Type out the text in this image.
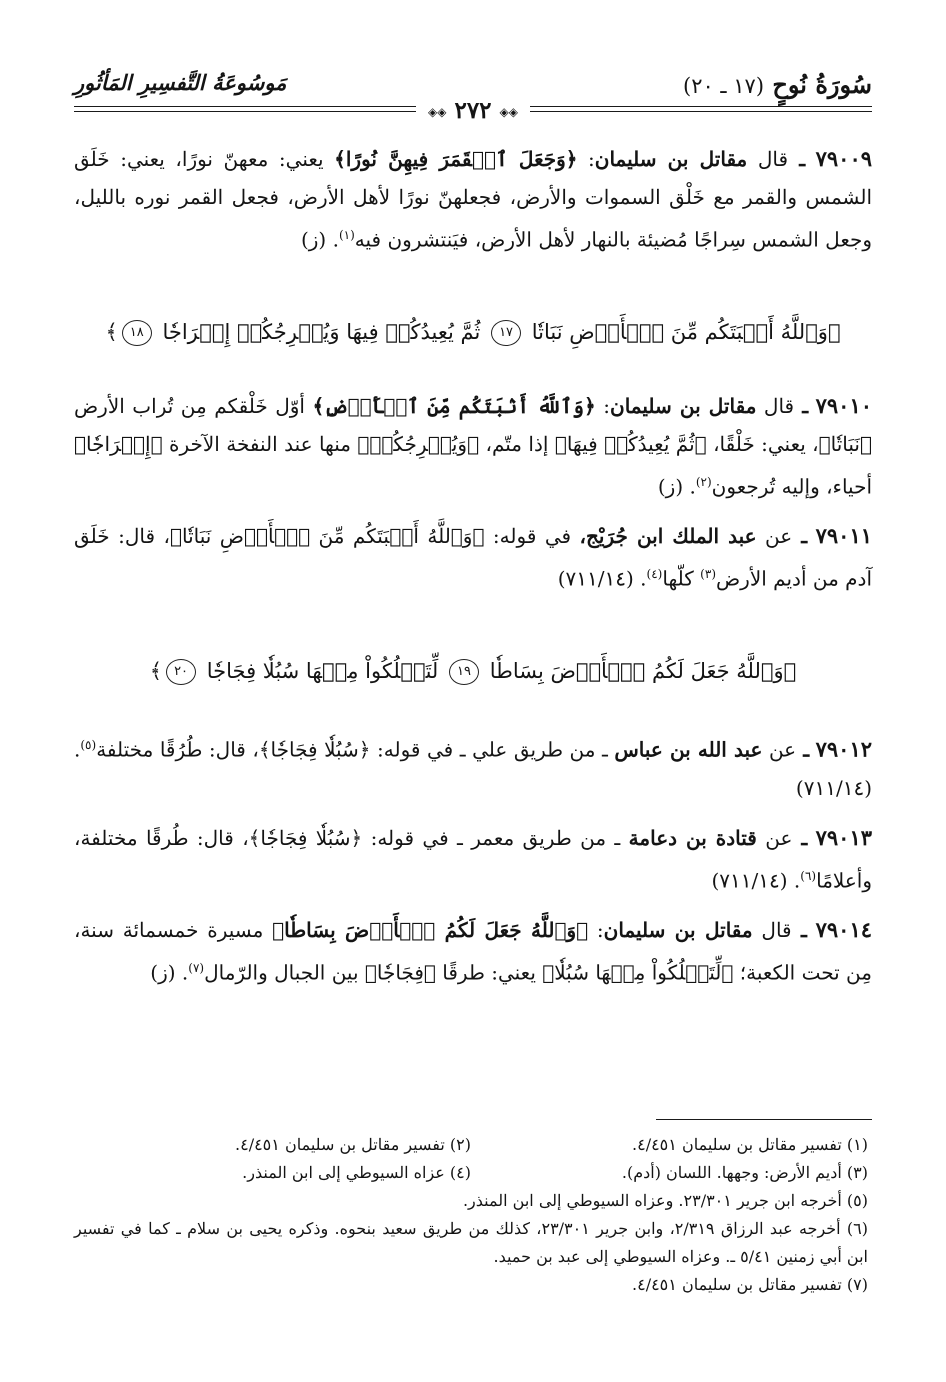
مَوسُوعَةُ التَّفسِيرِ المَأثُورِ	سُورَةُ نُوحٍ (١٧ ـ ٢٠)
◈◈ ٢٧٢ ◈◈

٧٩٠٠٩ ـ قال مقاتل بن سليمان: ﴿وَجَعَلَ ٱلۡقَمَرَ فِيهِنَّ نُورًا﴾ يعني: معهنّ نورًا، يعني: خَلَق الشمس والقمر مع خَلْق السموات والأرض، فجعلهنّ نورًا لأهل الأرض، فجعل القمر نوره بالليل، وجعل الشمس سِراجًا مُضيئة بالنهار لأهل الأرض، فيَنتشرون فيه$^{(١)}$. (ز)

﴿وَٱللَّهُ أَنۢبَتَكُم مِّنَ ٱلۡأَرۡضِ نَبَاتٗا ١٧ ثُمَّ يُعِيدُكُمۡ فِيهَا وَيُخۡرِجُكُمۡ إِخۡرَاجٗا ١٨﴾

٧٩٠١٠ ـ قال مقاتل بن سليمان: ﴿وَٱللَّهُ أَنۢبَتَكُم مِّنَ ٱلۡأَرۡضِ﴾ أوّل خَلْقكم مِن تُراب الأرض ﴿نَبَاتٗا﴾، يعني: خَلْقًا، ﴿ثُمَّ يُعِيدُكُمۡ فِيهَا﴾ إذا متّم، ﴿وَيُخۡرِجُكُمۡ﴾ منها عند النفخة الآخرة ﴿إِخۡرَاجٗا﴾ أحياء، وإليه تُرجعون$^{(٢)}$. (ز)

٧٩٠١١ ـ عن عبد الملك ابن جُرَيْج، في قوله: ﴿وَٱللَّهُ أَنۢبَتَكُم مِّنَ ٱلۡأَرۡضِ نَبَاتٗا﴾، قال: خَلَق آدم من أديم الأرض$^{(٣)}$ كلّها$^{(٤)}$. (٧١١/١٤)

﴿وَٱللَّهُ جَعَلَ لَكُمُ ٱلۡأَرۡضَ بِسَاطٗا ١٩ لِّتَسۡلُكُواْ مِنۡهَا سُبُلٗا فِجَاجٗا ٢٠﴾

٧٩٠١٢ ـ عن عبد الله بن عباس ـ من طريق علي ـ في قوله: ﴿سُبُلٗا فِجَاجٗا﴾، قال: طُرُقًا مختلفة$^{(٥)}$. (٧١١/١٤)

٧٩٠١٣ ـ عن قتادة بن دعامة ـ من طريق معمر ـ في قوله: ﴿سُبُلٗا فِجَاجٗا﴾، قال: طُرقًا مختلفة، وأعلامًا$^{(٦)}$. (٧١١/١٤)

٧٩٠١٤ ـ قال مقاتل بن سليمان: ﴿وَٱللَّهُ جَعَلَ لَكُمُ ٱلۡأَرۡضَ بِسَاطٗا﴾ مسيرة خمسمائة سنة، مِن تحت الكعبة؛ ﴿لِّتَسۡلُكُواْ مِنۡهَا سُبُلٗا﴾ يعني: طرقًا ﴿فِجَاجٗا﴾ بين الجبال والرّمال$^{(٧)}$. (ز)

(١) تفسير مقاتل بن سليمان ٤/٤٥١.
(٢) تفسير مقاتل بن سليمان ٤/٤٥١.
(٣) أديم الأرض: وجهها. اللسان (أدم).
(٤) عزاه السيوطي إلى ابن المنذر.
(٥) أخرجه ابن جرير ٢٣/٣٠١. وعزاه السيوطي إلى ابن المنذر.
(٦) أخرجه عبد الرزاق ٢/٣١٩، وابن جرير ٢٣/٣٠١، كذلك من طريق سعيد بنحوه. وذكره يحيى بن سلام ـ كما في تفسير ابن أبي زمنين ٥/٤١ ـ. وعزاه السيوطي إلى عبد بن حميد.
(٧) تفسير مقاتل بن سليمان ٤/٤٥١.
